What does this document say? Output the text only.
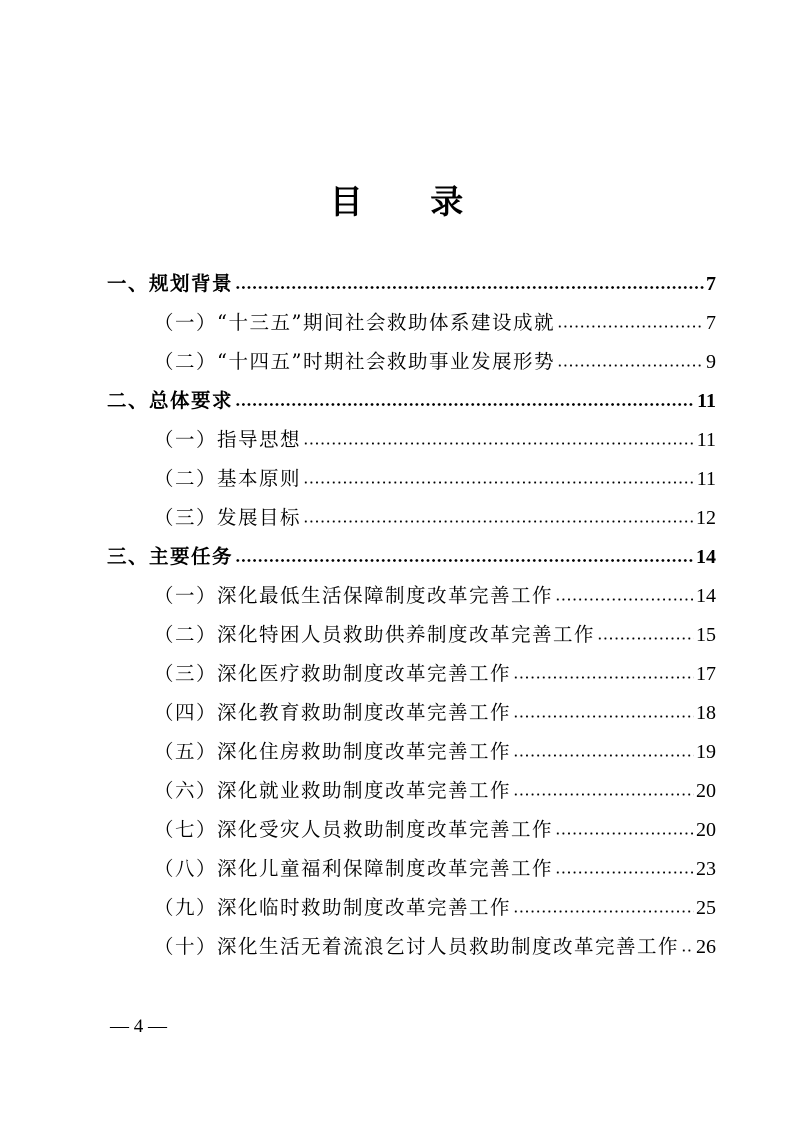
目 录
一、规划背景	7
（一）“十三五”期间社会救助体系建设成就	7
（二）“十四五”时期社会救助事业发展形势	9
二、总体要求	11
（一）指导思想	11
（二）基本原则	11
（三）发展目标	12
三、主要任务	14
（一）深化最低生活保障制度改革完善工作	14
（二）深化特困人员救助供养制度改革完善工作	15
（三）深化医疗救助制度改革完善工作	17
（四）深化教育救助制度改革完善工作	18
（五）深化住房救助制度改革完善工作	19
（六）深化就业救助制度改革完善工作	20
（七）深化受灾人员救助制度改革完善工作	20
（八）深化儿童福利保障制度改革完善工作	23
（九）深化临时救助制度改革完善工作	25
（十）深化生活无着流浪乞讨人员救助制度改革完善工作 26
— 4 —
